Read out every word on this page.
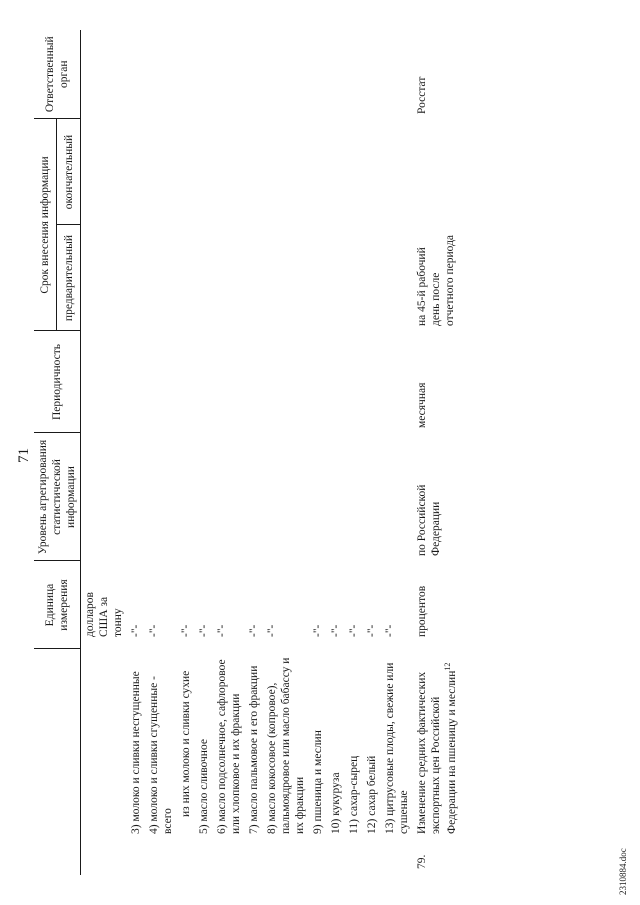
71
		Единица измерения	Уровень агрегирования статистической информации	Периодичность	Срок внесения информации		Ответственный орган
					предварительный	окончательный	
		долларов США за тонну					
	3) молоко и сливки несгущенные	-"-					
	4) молоко и сливки сгущенные - всего	-"-					
	из них молоко и сливки сухие	-"-					
	5) масло сливочное	-"-					
	6) масло подсолнечное, сафлоровое или хлопковое и их фракции	-"-					
	7) масло пальмовое и его фракции	-"-					
	8) масло кокосовое (копровое), пальмоядровое или масло бабассу и их фракции	-"-					
	9) пшеница и меслин	-"-					
	10) кукуруза	-"-					
	11) сахар-сырец	-"-					
	12) сахар белый	-"-					
	13) цитрусовые плоды, свежие или сушеные	-"-					
79.	Изменение средних фактических экспортных цен Российской Федерации на пшеницу и меслин$^{12}$	процентов	по Российской Федерации	месячная	на 45-й рабочий день после отчетного периода		Росстат
2310884.doc
